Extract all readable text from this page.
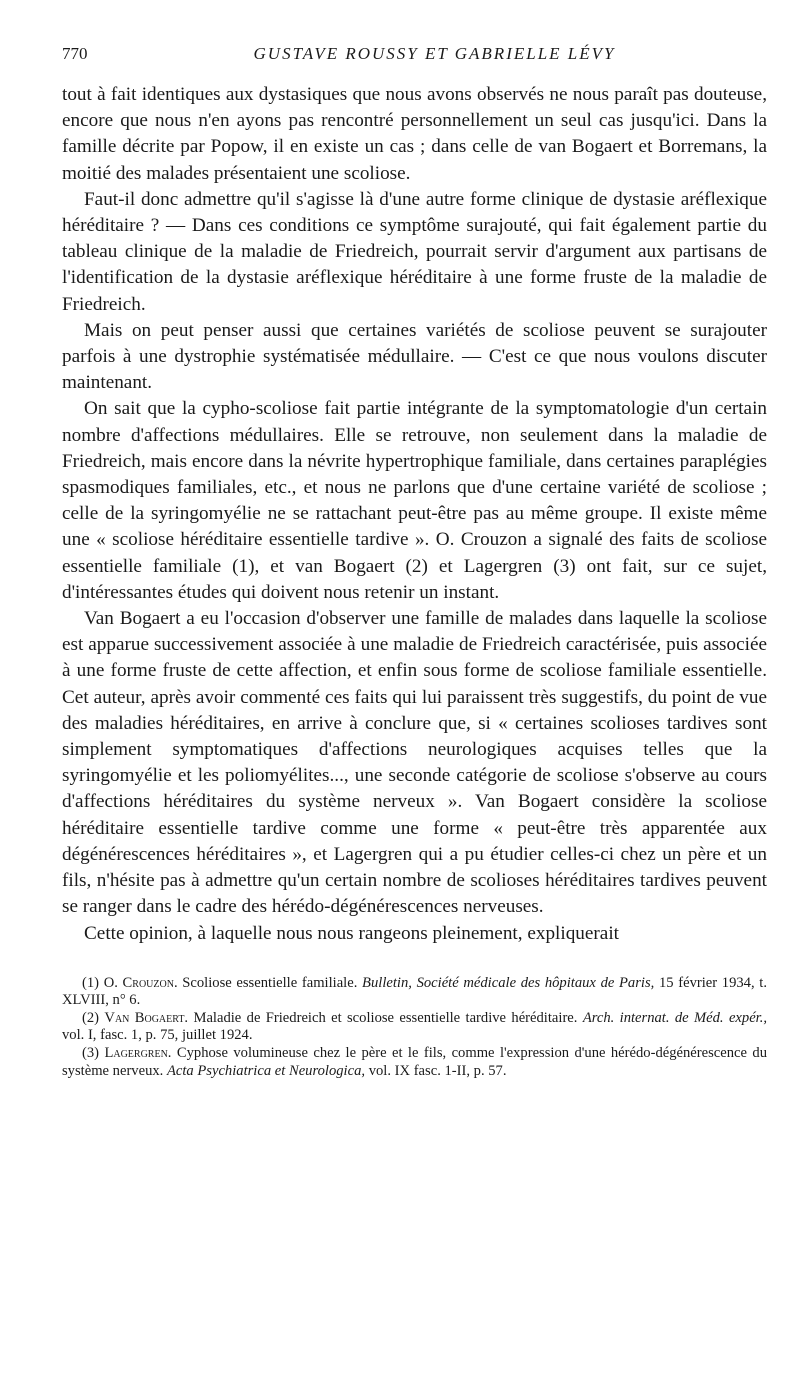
770	GUSTAVE ROUSSY ET GABRIELLE LÉVY

tout à fait identiques aux dystasiques que nous avons observés ne nous paraît pas douteuse, encore que nous n'en ayons pas rencontré personnellement un seul cas jusqu'ici. Dans la famille décrite par Popow, il en existe un cas ; dans celle de van Bogaert et Borremans, la moitié des malades présentaient une scoliose.

Faut-il donc admettre qu'il s'agisse là d'une autre forme clinique de dystasie aréflexique héréditaire ? — Dans ces conditions ce symptôme surajouté, qui fait également partie du tableau clinique de la maladie de Friedreich, pourrait servir d'argument aux partisans de l'identification de la dystasie aréflexique héréditaire à une forme fruste de la maladie de Friedreich.

Mais on peut penser aussi que certaines variétés de scoliose peuvent se surajouter parfois à une dystrophie systématisée médullaire. — C'est ce que nous voulons discuter maintenant.

On sait que la cypho-scoliose fait partie intégrante de la symptomatologie d'un certain nombre d'affections médullaires. Elle se retrouve, non seulement dans la maladie de Friedreich, mais encore dans la névrite hypertrophique familiale, dans certaines paraplégies spasmodiques familiales, etc., et nous ne parlons que d'une certaine variété de scoliose ; celle de la syringomyélie ne se rattachant peut-être pas au même groupe. Il existe même une « scoliose héréditaire essentielle tardive ». O. Crouzon a signalé des faits de scoliose essentielle familiale (1), et van Bogaert (2) et Lagergren (3) ont fait, sur ce sujet, d'intéressantes études qui doivent nous retenir un instant.

Van Bogaert a eu l'occasion d'observer une famille de malades dans laquelle la scoliose est apparue successivement associée à une maladie de Friedreich caractérisée, puis associée à une forme fruste de cette affection, et enfin sous forme de scoliose familiale essentielle. Cet auteur, après avoir commenté ces faits qui lui paraissent très suggestifs, du point de vue des maladies héréditaires, en arrive à conclure que, si « certaines scolioses tardives sont simplement symptomatiques d'affections neurologiques acquises telles que la syringomyélie et les poliomyélites..., une seconde catégorie de scoliose s'observe au cours d'affections héréditaires du système nerveux ». Van Bogaert considère la scoliose héréditaire essentielle tardive comme une forme « peut-être très apparentée aux dégénérescences héréditaires », et Lagergren qui a pu étudier celles-ci chez un père et un fils, n'hésite pas à admettre qu'un certain nombre de scolioses héréditaires tardives peuvent se ranger dans le cadre des hérédo-dégénérescences nerveuses.

Cette opinion, à laquelle nous nous rangeons pleinement, expliquerait

(1) O. Crouzon. Scoliose essentielle familiale. Bulletin, Société médicale des hôpitaux de Paris, 15 février 1934, t. XLVIII, n° 6.

(2) Van Bogaert. Maladie de Friedreich et scoliose essentielle tardive héréditaire. Arch. internat. de Méd. expér., vol. I, fasc. 1, p. 75, juillet 1924.

(3) Lagergren. Cyphose volumineuse chez le père et le fils, comme l'expression d'une hérédo-dégénérescence du système nerveux. Acta Psychiatrica et Neurologica, vol. IX fasc. 1-II, p. 57.
